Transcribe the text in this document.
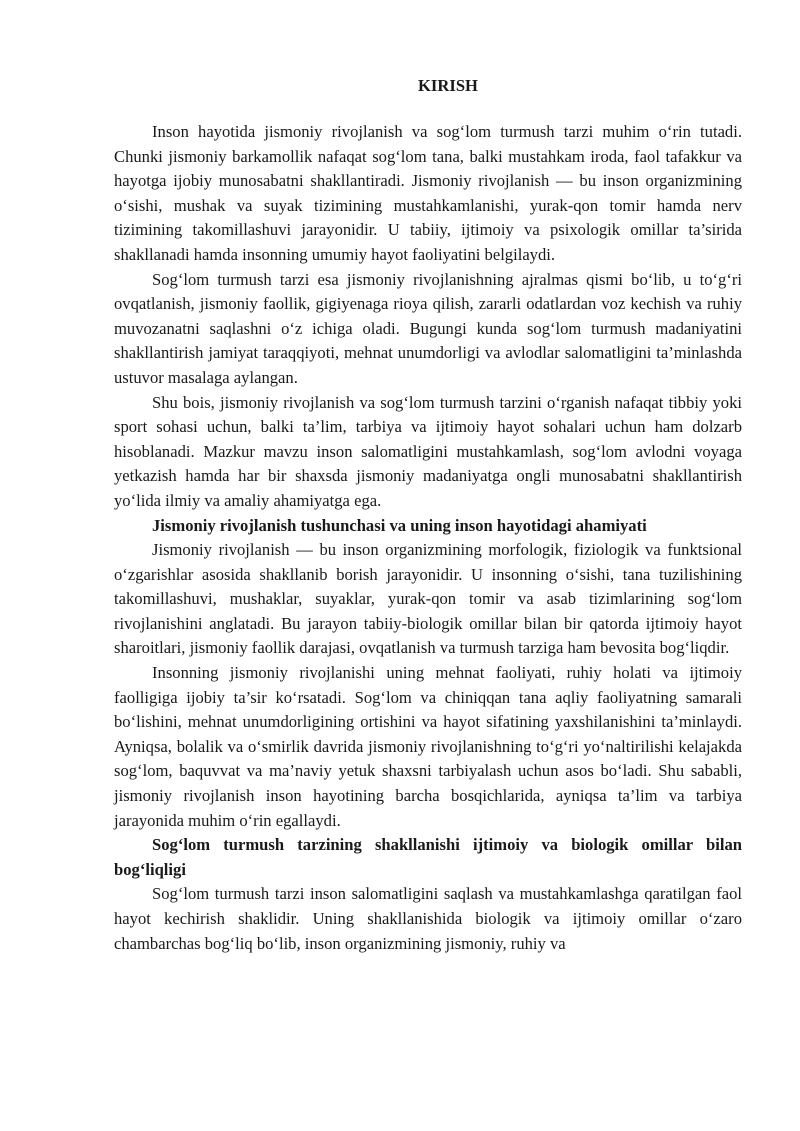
KIRISH

Inson hayotida jismoniy rivojlanish va sog‘lom turmush tarzi muhim o‘rin tutadi. Chunki jismoniy barkamollik nafaqat sog‘lom tana, balki mustahkam iroda, faol tafakkur va hayotga ijobiy munosabatni shakllantiradi. Jismoniy rivojlanish — bu inson organizmining o‘sishi, mushak va suyak tizimining mustahkamlanishi, yurak-qon tomir hamda nerv tizimining takomillashuvi jarayonidir. U tabiiy, ijtimoiy va psixologik omillar ta’sirida shakllanadi hamda insonning umumiy hayot faoliyatini belgilaydi.

Sog‘lom turmush tarzi esa jismoniy rivojlanishning ajralmas qismi bo‘lib, u to‘g‘ri ovqatlanish, jismoniy faollik, gigiyenaga rioya qilish, zararli odatlardan voz kechish va ruhiy muvozanatni saqlashni o‘z ichiga oladi. Bugungi kunda sog‘lom turmush madaniyatini shakllantirish jamiyat taraqqiyoti, mehnat unumdorligi va avlodlar salomatligini ta’minlashda ustuvor masalaga aylangan.

Shu bois, jismoniy rivojlanish va sog‘lom turmush tarzini o‘rganish nafaqat tibbiy yoki sport sohasi uchun, balki ta’lim, tarbiya va ijtimoiy hayot sohalari uchun ham dolzarb hisoblanadi. Mazkur mavzu inson salomatligini mustahkamlash, sog‘lom avlodni voyaga yetkazish hamda har bir shaxsda jismoniy madaniyatga ongli munosabatni shakllantirish yo‘lida ilmiy va amaliy ahamiyatga ega.

Jismoniy rivojlanish tushunchasi va uning inson hayotidagi ahamiyati

Jismoniy rivojlanish — bu inson organizmining morfologik, fiziologik va funktsional o‘zgarishlar asosida shakllanib borish jarayonidir. U insonning o‘sishi, tana tuzilishining takomillashuvi, mushaklar, suyaklar, yurak-qon tomir va asab tizimlarining sog‘lom rivojlanishini anglatadi. Bu jarayon tabiiy-biologik omillar bilan bir qatorda ijtimoiy hayot sharoitlari, jismoniy faollik darajasi, ovqatlanish va turmush tarziga ham bevosita bog‘liqdir.

Insonning jismoniy rivojlanishi uning mehnat faoliyati, ruhiy holati va ijtimoiy faolligiga ijobiy ta’sir ko‘rsatadi. Sog‘lom va chiniqqan tana aqliy faoliyatning samarali bo‘lishini, mehnat unumdorligining ortishini va hayot sifatining yaxshilanishini ta’minlaydi. Ayniqsa, bolalik va o‘smirlik davrida jismoniy rivojlanishning to‘g‘ri yo‘naltirilishi kelajakda sog‘lom, baquvvat va ma’naviy yetuk shaxsni tarbiyalash uchun asos bo‘ladi. Shu sababli, jismoniy rivojlanish inson hayotining barcha bosqichlarida, ayniqsa ta’lim va tarbiya jarayonida muhim o‘rin egallaydi.

Sog‘lom turmush tarzining shakllanishi ijtimoiy va biologik omillar bilan bog‘liqligi

Sog‘lom turmush tarzi inson salomatligini saqlash va mustahkamlashga qaratilgan faol hayot kechirish shaklidir. Uning shakllanishida biologik va ijtimoiy omillar o‘zaro chambarchas bog‘liq bo‘lib, inson organizmining jismoniy, ruhiy va
